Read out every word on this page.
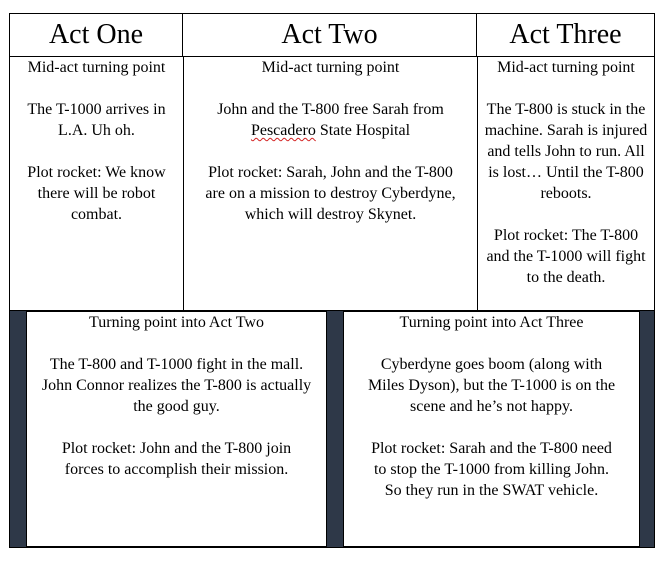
Act One	Act Two	Act Three

Mid-act turning point

The T-1000 arrives in L.A. Uh oh.

Plot rocket: We know there will be robot combat.

Mid-act turning point

John and the T-800 free Sarah from

Pescadero State Hospital

Plot rocket: Sarah, John and the T-800 are on a mission to destroy Cyberdyne, which will destroy Skynet.

Mid-act turning point

The T-800 is stuck in the machine. Sarah is injured and tells John to run. All is lost… Until the T-800 reboots.

Plot rocket: The T-800 and the T-1000 will fight to the death.

Turning point into Act Two

The T-800 and T-1000 fight in the mall. John Connor realizes the T-800 is actually the good guy.

Plot rocket: John and the T-800 join forces to accomplish their mission.

Turning point into Act Three

Cyberdyne goes boom (along with Miles Dyson), but the T-1000 is on the scene and he’s not happy.

Plot rocket: Sarah and the T-800 need to stop the T-1000 from killing John. So they run in the SWAT vehicle.
